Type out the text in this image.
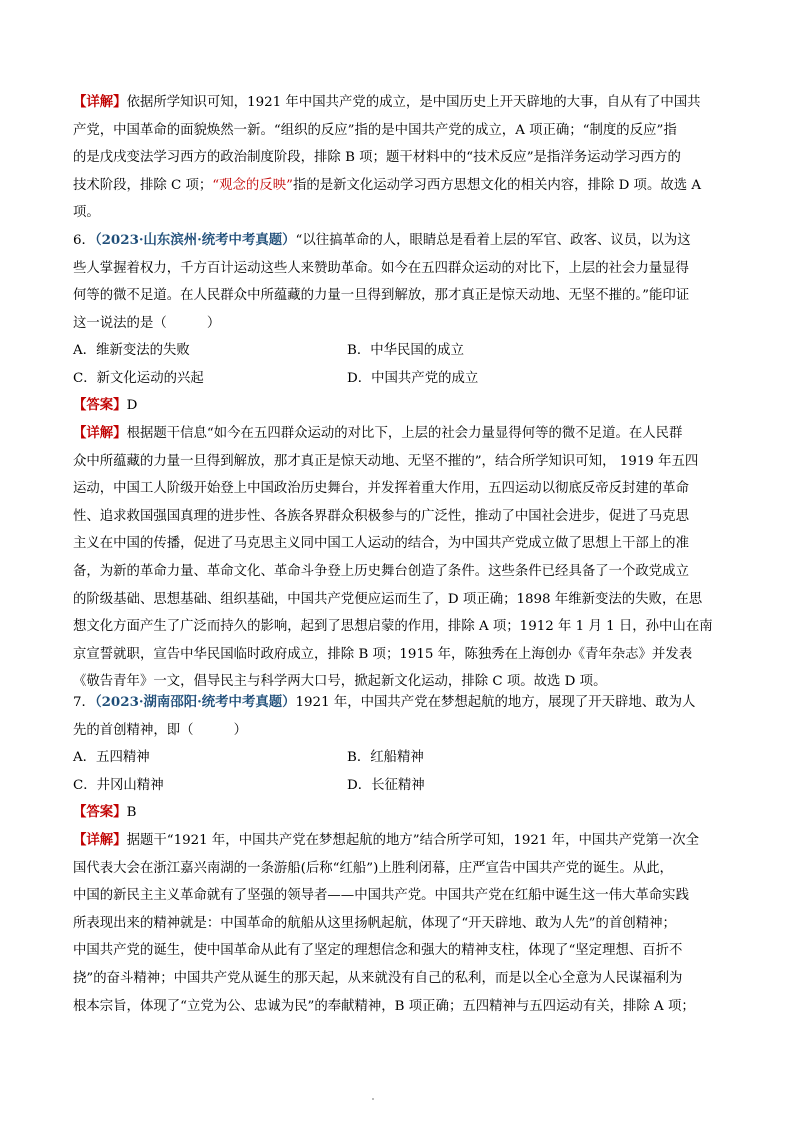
【详解】依据所学知识可知，1921 年中国共产党的成立，是中国历史上开天辟地的大事，自从有了中国共
产党，中国革命的面貌焕然一新。“组织的反应”指的是中国共产党的成立，A 项正确；“制度的反应”指
的是戊戌变法学习西方的政治制度阶段，排除 B 项；题干材料中的“技术反应”是指洋务运动学习西方的
技术阶段，排除 C 项；“观念的反映”指的是新文化运动学习西方思想文化的相关内容，排除 D 项。故选 A
项。
6．（2023·山东滨州·统考中考真题）“以往搞革命的人，眼睛总是看着上层的军官、政客、议员，以为这
些人掌握着权力，千方百计运动这些人来赞助革命。如今在五四群众运动的对比下，上层的社会力量显得
何等的微不足道。在人民群众中所蕴藏的力量一旦得到解放，那才真正是惊天动地、无坚不摧的。”能印证
这一说法的是（　　　）
A．维新变法的失败	B．中华民国的成立
C．新文化运动的兴起	D．中国共产党的成立
【答案】D
【详解】根据题干信息“如今在五四群众运动的对比下，上层的社会力量显得何等的微不足道。在人民群
众中所蕴藏的力量一旦得到解放，那才真正是惊天动地、无坚不摧的”，结合所学知识可知， 1919 年五四
运动，中国工人阶级开始登上中国政治历史舞台，并发挥着重大作用，五四运动以彻底反帝反封建的革命
性、追求救国强国真理的进步性、各族各界群众积极参与的广泛性，推动了中国社会进步，促进了马克思
主义在中国的传播，促进了马克思主义同中国工人运动的结合，为中国共产党成立做了思想上干部上的准
备，为新的革命力量、革命文化、革命斗争登上历史舞台创造了条件。这些条件已经具备了一个政党成立
的阶级基础、思想基础、组织基础，中国共产党便应运而生了，D 项正确；1898 年维新变法的失败，在思
想文化方面产生了广泛而持久的影响，起到了思想启蒙的作用，排除 A 项；1912 年 1 月 1 日，孙中山在南
京宣誓就职，宣告中华民国临时政府成立，排除 B 项；1915 年，陈独秀在上海创办《青年杂志》并发表
《敬告青年》一文，倡导民主与科学两大口号，掀起新文化运动，排除 C 项。故选 D 项。
7．（2023·湖南邵阳·统考中考真题）1921 年，中国共产党在梦想起航的地方，展现了开天辟地、敢为人
先的首创精神，即（　　　）
A．五四精神	B．红船精神
C．井冈山精神	D．长征精神
【答案】B
【详解】据题干“1921 年，中国共产党在梦想起航的地方”结合所学可知，1921 年，中国共产党第一次全
国代表大会在浙江嘉兴南湖的一条游船(后称“红船”)上胜利闭幕，庄严宣告中国共产党的诞生。从此，
中国的新民主主义革命就有了坚强的领导者——中国共产党。中国共产党在红船中诞生这一伟大革命实践
所表现出来的精神就是：中国革命的航船从这里扬帆起航，体现了“开天辟地、敢为人先”的首创精神；
中国共产党的诞生，使中国革命从此有了坚定的理想信念和强大的精神支柱，体现了“坚定理想、百折不
挠”的奋斗精神；中国共产党从诞生的那天起，从来就没有自己的私利，而是以全心全意为人民谋福利为
根本宗旨，体现了“立党为公、忠诚为民”的奉献精神，B 项正确；五四精神与五四运动有关，排除 A 项；
